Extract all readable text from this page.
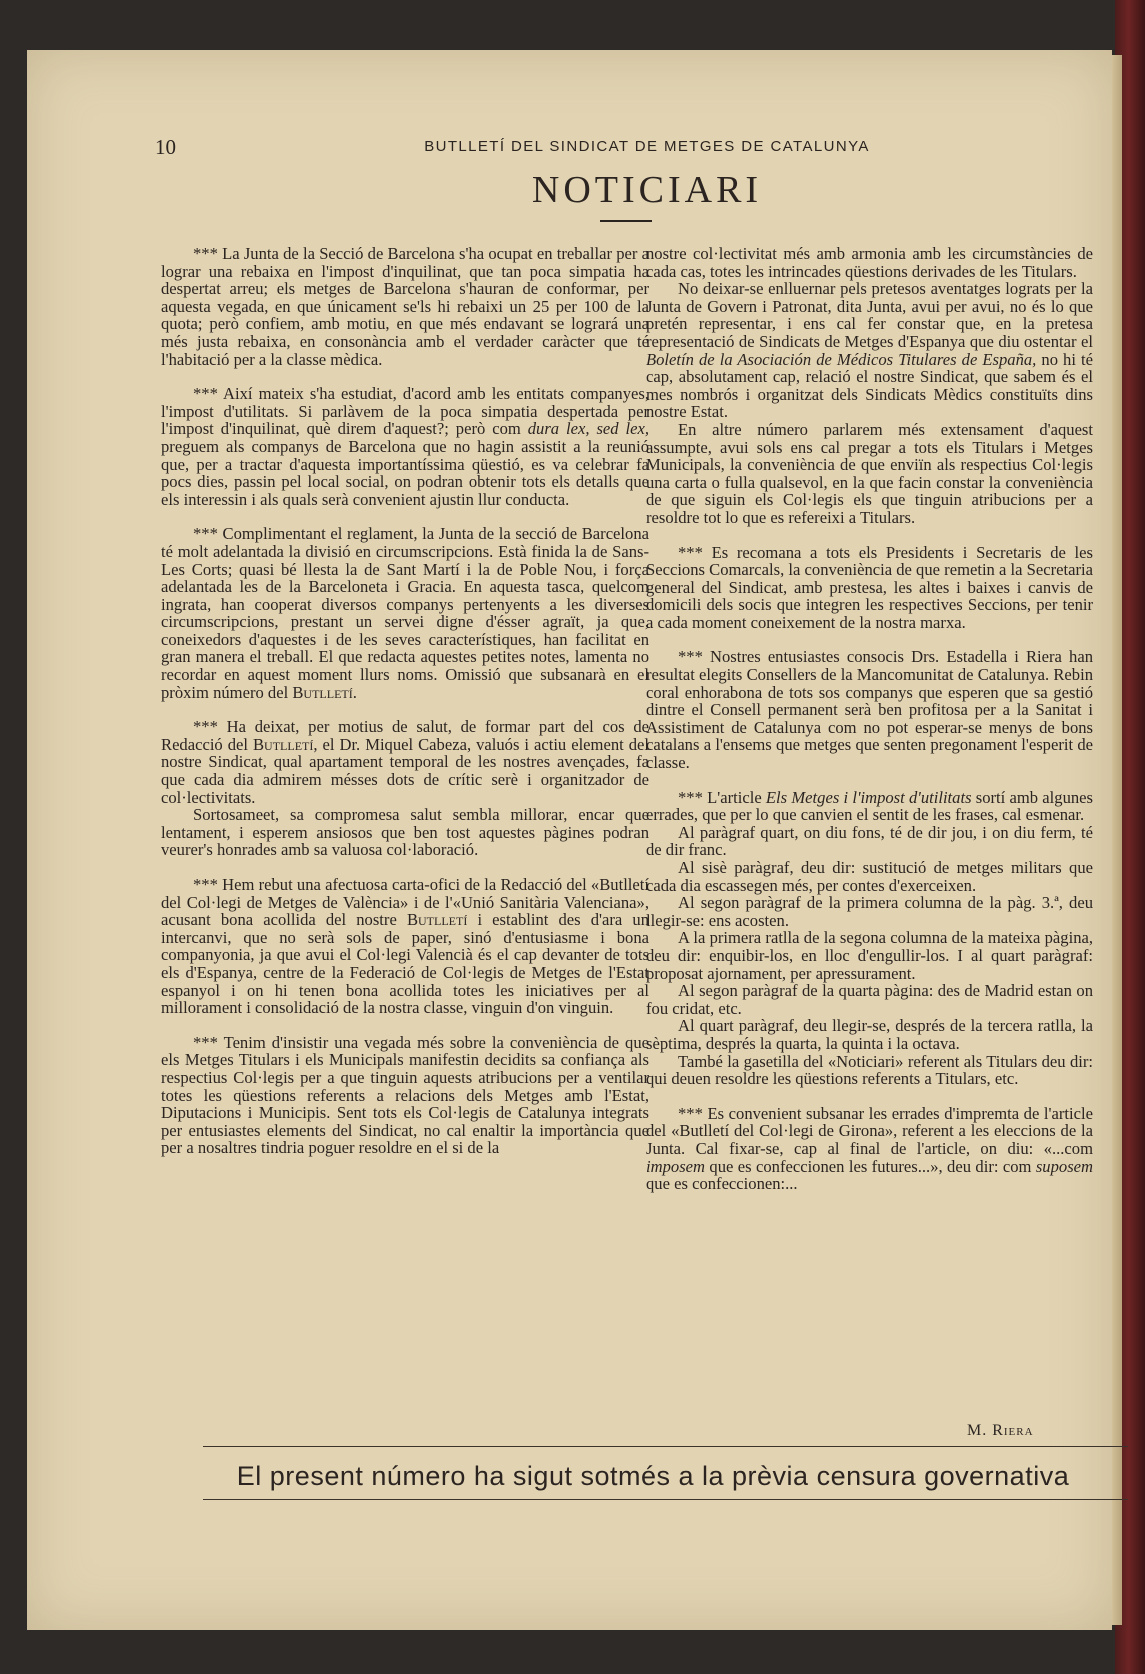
10	BUTLLETÍ DEL SINDICAT DE METGES DE CATALUNYA
NOTICIARI

*** La Junta de la Secció de Barcelona s'ha ocupat en treballar per a lograr una rebaixa en l'impost d'inquilinat, que tan poca simpatia ha despertat arreu; els metges de Barcelona s'hauran de conformar, per aquesta vegada, en que únicament se'ls hi rebaixi un 25 per 100 de la quota; però confiem, amb motiu, en que més endavant se logrará una més justa rebaixa, en consonància amb el verdader caràcter que té l'habitació per a la classe mèdica.

*** Així mateix s'ha estudiat, d'acord amb les entitats companyes, l'impost d'utilitats. Si parlàvem de la poca simpatia despertada per l'impost d'inquilinat, què direm d'aquest?; però com dura lex, sed lex, preguem als companys de Barcelona que no hagin assistit a la reunió que, per a tractar d'aquesta importantíssima qüestió, es va celebrar fa pocs dies, passin pel local social, on podran obtenir tots els detalls que els interessin i als quals serà convenient ajustin llur conducta.

*** Complimentant el reglament, la Junta de la secció de Barcelona té molt adelantada la divisió en circumscripcions. Està finida la de Sans-Les Corts; quasi bé llesta la de Sant Martí i la de Poble Nou, i força adelantada les de la Barceloneta i Gracia. En aquesta tasca, quelcom ingrata, han cooperat diversos companys pertenyents a les diverses circumscripcions, prestant un servei digne d'ésser agraït, ja que, coneixedors d'aquestes i de les seves característiques, han facilitat en gran manera el treball. El que redacta aquestes petites notes, lamenta no recordar en aquest moment llurs noms. Omissió que subsanarà en el pròxim número del Butlletí.

*** Ha deixat, per motius de salut, de formar part del cos de Redacció del Butlletí, el Dr. Miquel Cabeza, valuós i actiu element del nostre Sindicat, qual apartament temporal de les nostres avençades, fa que cada dia admirem mésses dots de crític serè i organitzador de col·lectivitats.

Sortosameet, sa compromesa salut sembla millorar, encar que lentament, i esperem ansiosos que ben tost aquestes pàgines podran veurer's honrades amb sa valuosa col·laboració.

*** Hem rebut una afectuosa carta-ofici de la Redacció del «Butlletí del Col·legi de Metges de València» i de l'«Unió Sanitària Valenciana», acusant bona acollida del nostre Butlletí i establint des d'ara un intercanvi, que no serà sols de paper, sinó d'entusiasme i bona companyonia, ja que avui el Col·legi Valencià és el cap devanter de tots els d'Espanya, centre de la Federació de Col·legis de Metges de l'Estat espanyol i on hi tenen bona acollida totes les iniciatives per al millorament i consolidació de la nostra classe, vinguin d'on vinguin.

*** Tenim d'insistir una vegada més sobre la conveniència de que els Metges Titulars i els Municipals manifestin decidits sa confiança als respectius Col·legis per a que tinguin aquests atribucions per a ventilar totes les qüestions referents a relacions dels Metges amb l'Estat, Diputacions i Municipis. Sent tots els Col·legis de Catalunya integrats per entusiastes elements del Sindicat, no cal enaltir la importància que per a nosaltres tindria poguer resoldre en el si de la

nostre col·lectivitat més amb armonia amb les circumstàncies de cada cas, totes les intrincades qüestions derivades de les Titulars.

No deixar-se enlluernar pels pretesos aventatges lograts per la Junta de Govern i Patronat, dita Junta, avui per avui, no és lo que pretén representar, i ens cal fer constar que, en la pretesa representació de Sindicats de Metges d'Espanya que diu ostentar el Boletín de la Asociación de Médicos Titulares de España, no hi té cap, absolutament cap, relació el nostre Sindicat, que sabem és el mes nombrós i organitzat dels Sindicats Mèdics constituïts dins nostre Estat.

En altre número parlarem més extensament d'aquest assumpte, avui sols ens cal pregar a tots els Titulars i Metges Municipals, la conveniència de que enviïn als respectius Col·legis una carta o fulla qualsevol, en la que facin constar la conveniència de que siguin els Col·legis els que tinguin atribucions per a resoldre tot lo que es refereixi a Titulars.

*** Es recomana a tots els Presidents i Secretaris de les Seccions Comarcals, la conveniència de que remetin a la Secretaria general del Sindicat, amb prestesa, les altes i baixes i canvis de domicili dels socis que integren les respectives Seccions, per tenir a cada moment coneixement de la nostra marxa.

*** Nostres entusiastes consocis Drs. Estadella i Riera han resultat elegits Consellers de la Mancomunitat de Catalunya. Rebin coral enhorabona de tots sos companys que esperen que sa gestió dintre el Consell permanent serà ben profitosa per a la Sanitat i Assistiment de Catalunya com no pot esperar-se menys de bons catalans a l'ensems que metges que senten pregonament l'esperit de classe.

*** L'article Els Metges i l'impost d'utilitats sortí amb algunes errades, que per lo que canvien el sentit de les frases, cal esmenar.

Al paràgraf quart, on diu fons, té de dir jou, i on diu ferm, té de dir franc.

Al sisè paràgraf, deu dir: sustitució de metges militars que cada dia escassegen més, per contes d'exerceixen.

Al segon paràgraf de la primera columna de la pàg. 3.ª, deu llegir-se: ens acosten.

A la primera ratlla de la segona columna de la mateixa pàgina, deu dir: enquibir-los, en lloc d'engullir-los. I al quart paràgraf: proposat ajornament, per apressurament.

Al segon paràgraf de la quarta pàgina: des de Madrid estan on fou cridat, etc.

Al quart paràgraf, deu llegir-se, després de la tercera ratlla, la sèptima, després la quarta, la quinta i la octava.

També la gasetilla del «Noticiari» referent als Titulars deu dir: qui deuen resoldre les qüestions referents a Titulars, etc.

*** Es convenient subsanar les errades d'impremta de l'article del «Butlletí del Col·legi de Girona», referent a les eleccions de la Junta. Cal fixar-se, cap al final de l'article, on diu: «...com imposem que es confeccionen les futures...», deu dir: com suposem que es confeccionen:...

M. Riera
El present número ha sigut sotmés a la prèvia censura governativa
